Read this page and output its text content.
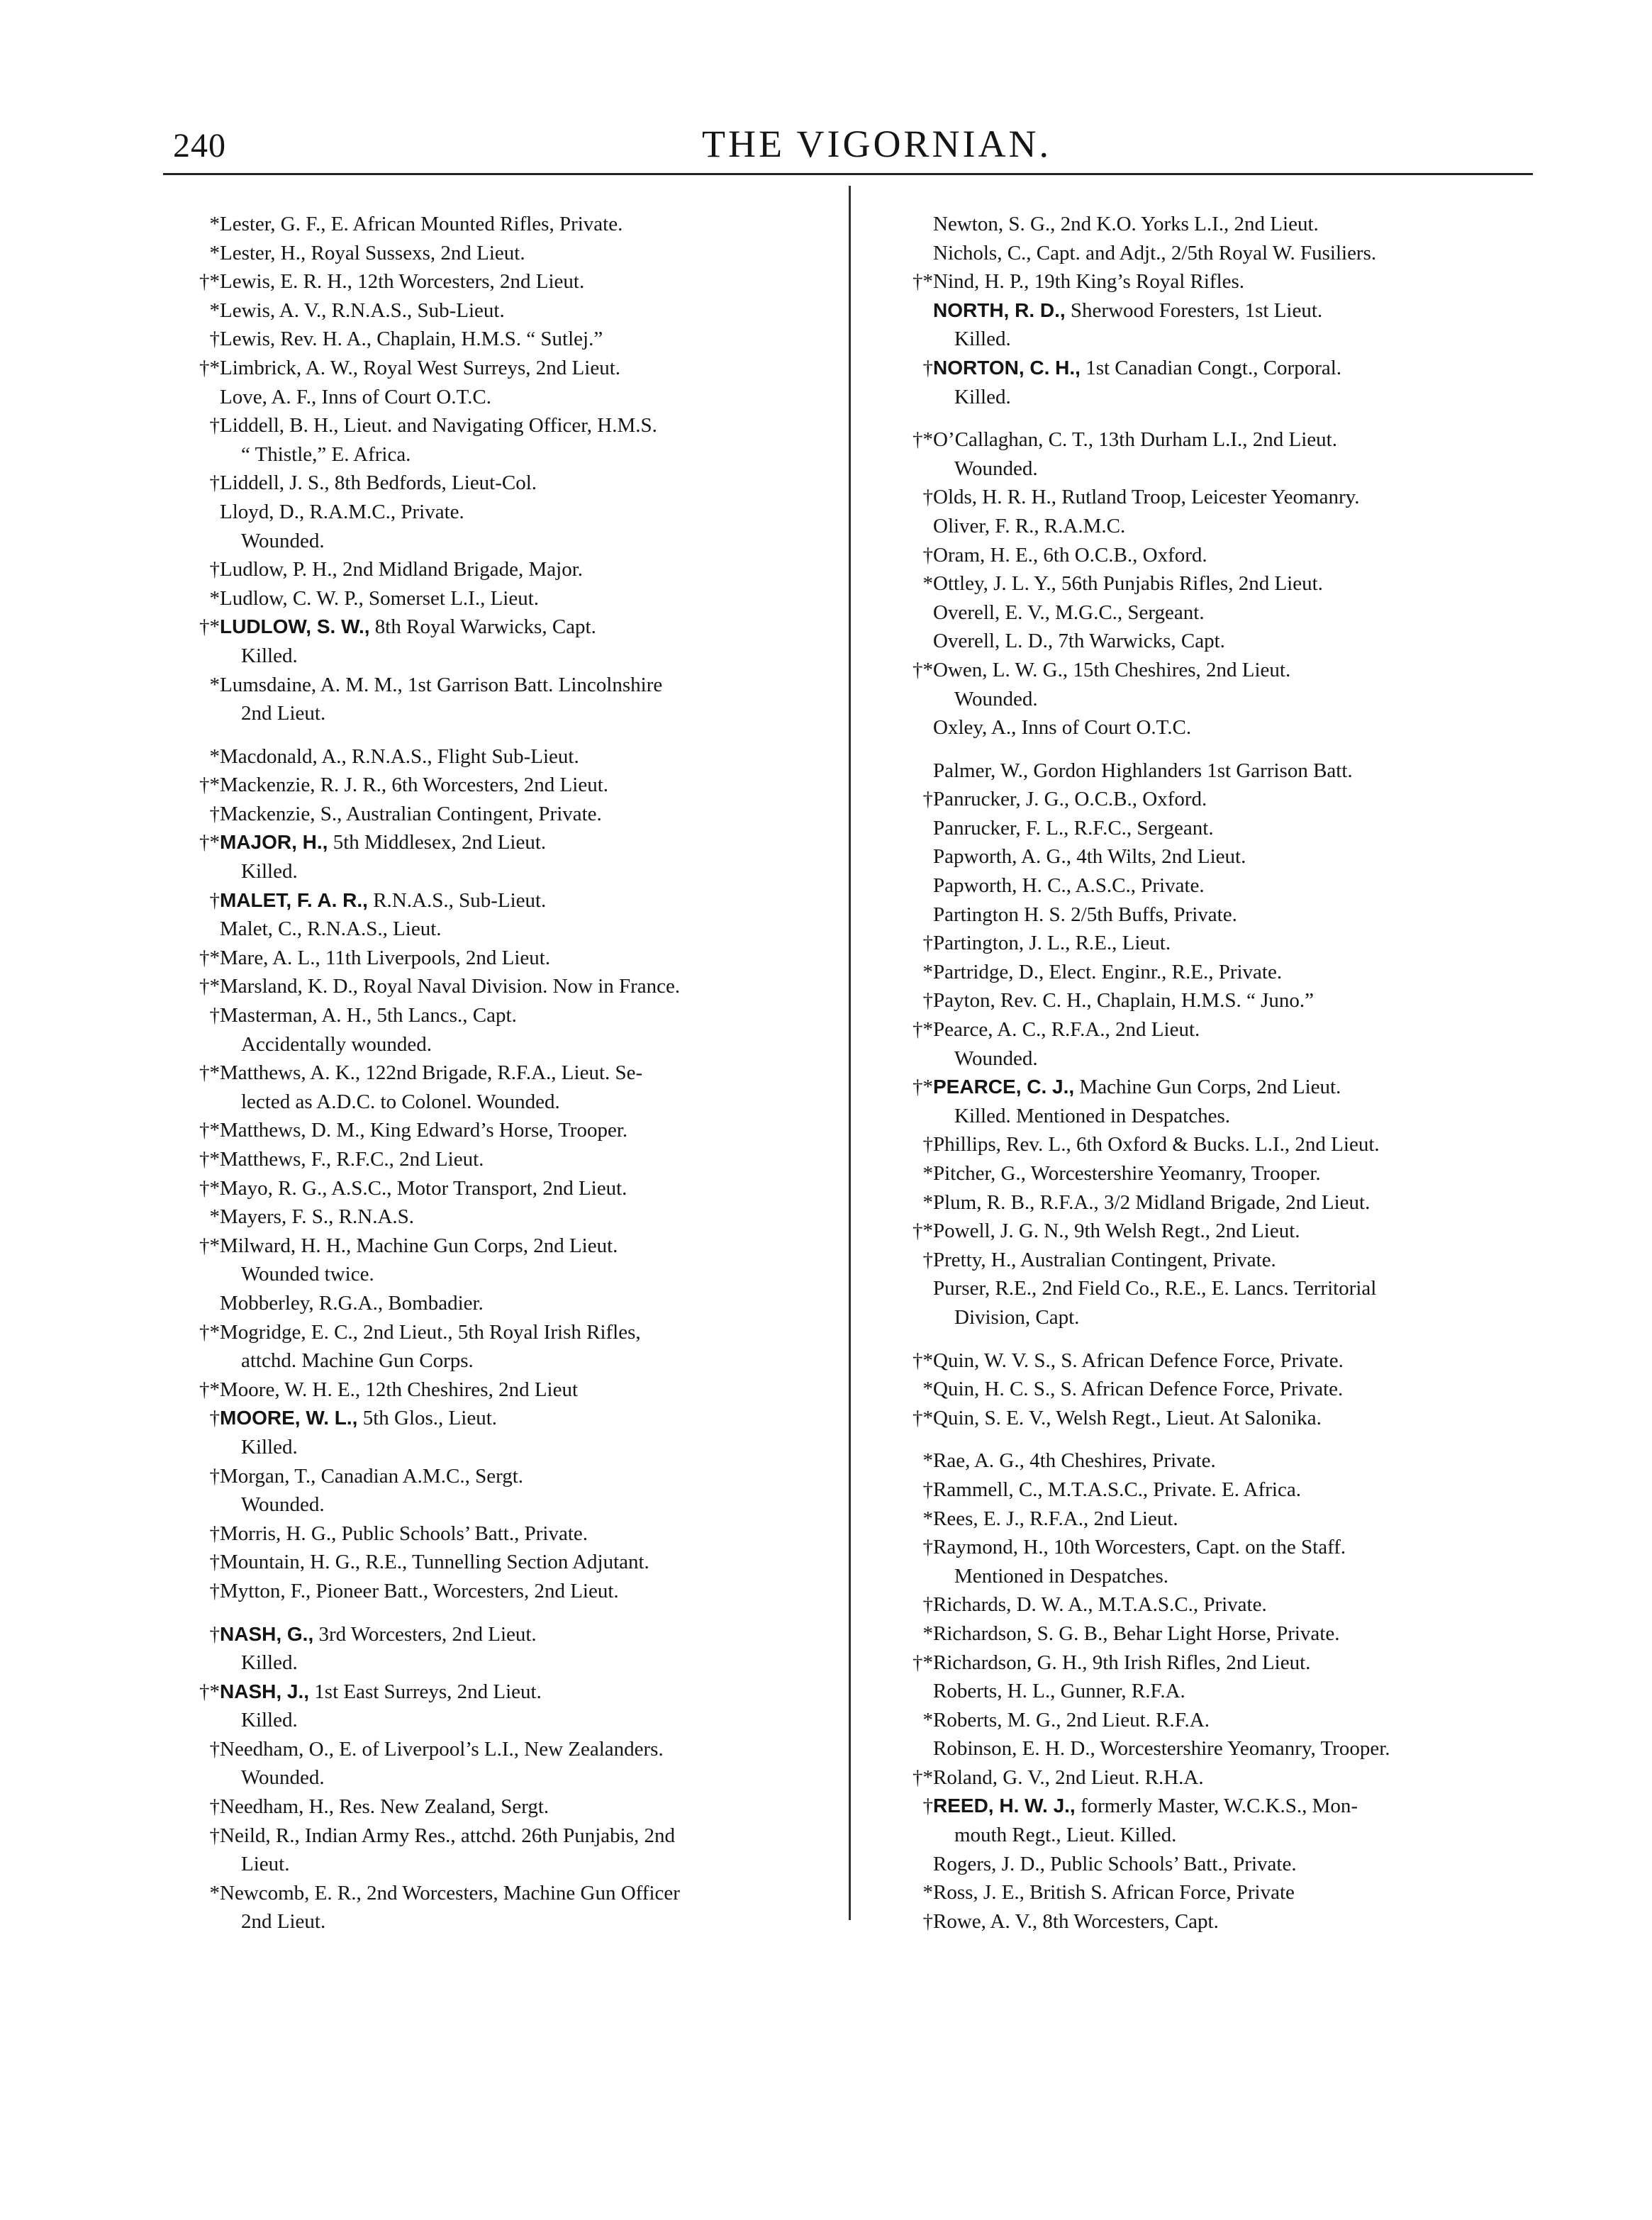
240	THE VIGORNIAN.
* Lester, G. F., E. African Mounted Rifles, Private.
* Lester, H., Royal Sussexs, 2nd Lieut.
†* Lewis, E. R. H., 12th Worcesters, 2nd Lieut.
* Lewis, A. V., R.N.A.S., Sub-Lieut.
† Lewis, Rev. H. A., Chaplain, H.M.S. “ Sutlej.”
†* Limbrick, A. W., Royal West Surreys, 2nd Lieut.
Love, A. F., Inns of Court O.T.C.
† Liddell, B. H., Lieut. and Navigating Officer, H.M.S.
“ Thistle,” E. Africa.
† Liddell, J. S., 8th Bedfords, Lieut-Col.
Lloyd, D., R.A.M.C., Private.
Wounded.
† Ludlow, P. H., 2nd Midland Brigade, Major.
* Ludlow, C. W. P., Somerset L.I., Lieut.
†* LUDLOW, S. W., 8th Royal Warwicks, Capt.
Killed.
* Lumsdaine, A. M. M., 1st Garrison Batt. Lincolnshire
2nd Lieut.
* Macdonald, A., R.N.A.S., Flight Sub-Lieut.
†* Mackenzie, R. J. R., 6th Worcesters, 2nd Lieut.
† Mackenzie, S., Australian Contingent, Private.
†* MAJOR, H., 5th Middlesex, 2nd Lieut.
Killed.
† MALET, F. A. R., R.N.A.S., Sub-Lieut.
Malet, C., R.N.A.S., Lieut.
†* Mare, A. L., 11th Liverpools, 2nd Lieut.
†* Marsland, K. D., Royal Naval Division. Now in France.
† Masterman, A. H., 5th Lancs., Capt.
Accidentally wounded.
†* Matthews, A. K., 122nd Brigade, R.F.A., Lieut. Se-
lected as A.D.C. to Colonel. Wounded.
†* Matthews, D. M., King Edward’s Horse, Trooper.
†* Matthews, F., R.F.C., 2nd Lieut.
†* Mayo, R. G., A.S.C., Motor Transport, 2nd Lieut.
* Mayers, F. S., R.N.A.S.
†* Milward, H. H., Machine Gun Corps, 2nd Lieut.
Wounded twice.
Mobberley, R.G.A., Bombadier.
†* Mogridge, E. C., 2nd Lieut., 5th Royal Irish Rifles,
attchd. Machine Gun Corps.
†* Moore, W. H. E., 12th Cheshires, 2nd Lieut
† MOORE, W. L., 5th Glos., Lieut.
Killed.
† Morgan, T., Canadian A.M.C., Sergt.
Wounded.
† Morris, H. G., Public Schools’ Batt., Private.
† Mountain, H. G., R.E., Tunnelling Section Adjutant.
† Mytton, F., Pioneer Batt., Worcesters, 2nd Lieut.
† NASH, G., 3rd Worcesters, 2nd Lieut.
Killed.
†* NASH, J., 1st East Surreys, 2nd Lieut.
Killed.
† Needham, O., E. of Liverpool’s L.I., New Zealanders.
Wounded.
† Needham, H., Res. New Zealand, Sergt.
† Neild, R., Indian Army Res., attchd. 26th Punjabis, 2nd
Lieut.
* Newcomb, E. R., 2nd Worcesters, Machine Gun Officer
2nd Lieut.
Newton, S. G., 2nd K.O. Yorks L.I., 2nd Lieut.
Nichols, C., Capt. and Adjt., 2/5th Royal W. Fusiliers.
†* Nind, H. P., 19th King’s Royal Rifles.
NORTH, R. D., Sherwood Foresters, 1st Lieut.
Killed.
† NORTON, C. H., 1st Canadian Congt., Corporal.
Killed.
†* O’Callaghan, C. T., 13th Durham L.I., 2nd Lieut.
Wounded.
† Olds, H. R. H., Rutland Troop, Leicester Yeomanry.
Oliver, F. R., R.A.M.C.
† Oram, H. E., 6th O.C.B., Oxford.
* Ottley, J. L. Y., 56th Punjabis Rifles, 2nd Lieut.
Overell, E. V., M.G.C., Sergeant.
Overell, L. D., 7th Warwicks, Capt.
†* Owen, L. W. G., 15th Cheshires, 2nd Lieut.
Wounded.
Oxley, A., Inns of Court O.T.C.
Palmer, W., Gordon Highlanders 1st Garrison Batt.
† Panrucker, J. G., O.C.B., Oxford.
Panrucker, F. L., R.F.C., Sergeant.
Papworth, A. G., 4th Wilts, 2nd Lieut.
Papworth, H. C., A.S.C., Private.
Partington H. S. 2/5th Buffs, Private.
† Partington, J. L., R.E., Lieut.
* Partridge, D., Elect. Enginr., R.E., Private.
† Payton, Rev. C. H., Chaplain, H.M.S. “ Juno.”
†* Pearce, A. C., R.F.A., 2nd Lieut.
Wounded.
†* PEARCE, C. J., Machine Gun Corps, 2nd Lieut.
Killed. Mentioned in Despatches.
† Phillips, Rev. L., 6th Oxford & Bucks. L.I., 2nd Lieut.
* Pitcher, G., Worcestershire Yeomanry, Trooper.
* Plum, R. B., R.F.A., 3/2 Midland Brigade, 2nd Lieut.
†* Powell, J. G. N., 9th Welsh Regt., 2nd Lieut.
† Pretty, H., Australian Contingent, Private.
Purser, R.E., 2nd Field Co., R.E., E. Lancs. Territorial
Division, Capt.
†* Quin, W. V. S., S. African Defence Force, Private.
* Quin, H. C. S., S. African Defence Force, Private.
†* Quin, S. E. V., Welsh Regt., Lieut. At Salonika.
* Rae, A. G., 4th Cheshires, Private.
† Rammell, C., M.T.A.S.C., Private. E. Africa.
* Rees, E. J., R.F.A., 2nd Lieut.
† Raymond, H., 10th Worcesters, Capt. on the Staff.
Mentioned in Despatches.
† Richards, D. W. A., M.T.A.S.C., Private.
* Richardson, S. G. B., Behar Light Horse, Private.
†* Richardson, G. H., 9th Irish Rifles, 2nd Lieut.
Roberts, H. L., Gunner, R.F.A.
* Roberts, M. G., 2nd Lieut. R.F.A.
Robinson, E. H. D., Worcestershire Yeomanry, Trooper.
†* Roland, G. V., 2nd Lieut. R.H.A.
† REED, H. W. J., formerly Master, W.C.K.S., Mon-
mouth Regt., Lieut. Killed.
Rogers, J. D., Public Schools’ Batt., Private.
* Ross, J. E., British S. African Force, Private
† Rowe, A. V., 8th Worcesters, Capt.
